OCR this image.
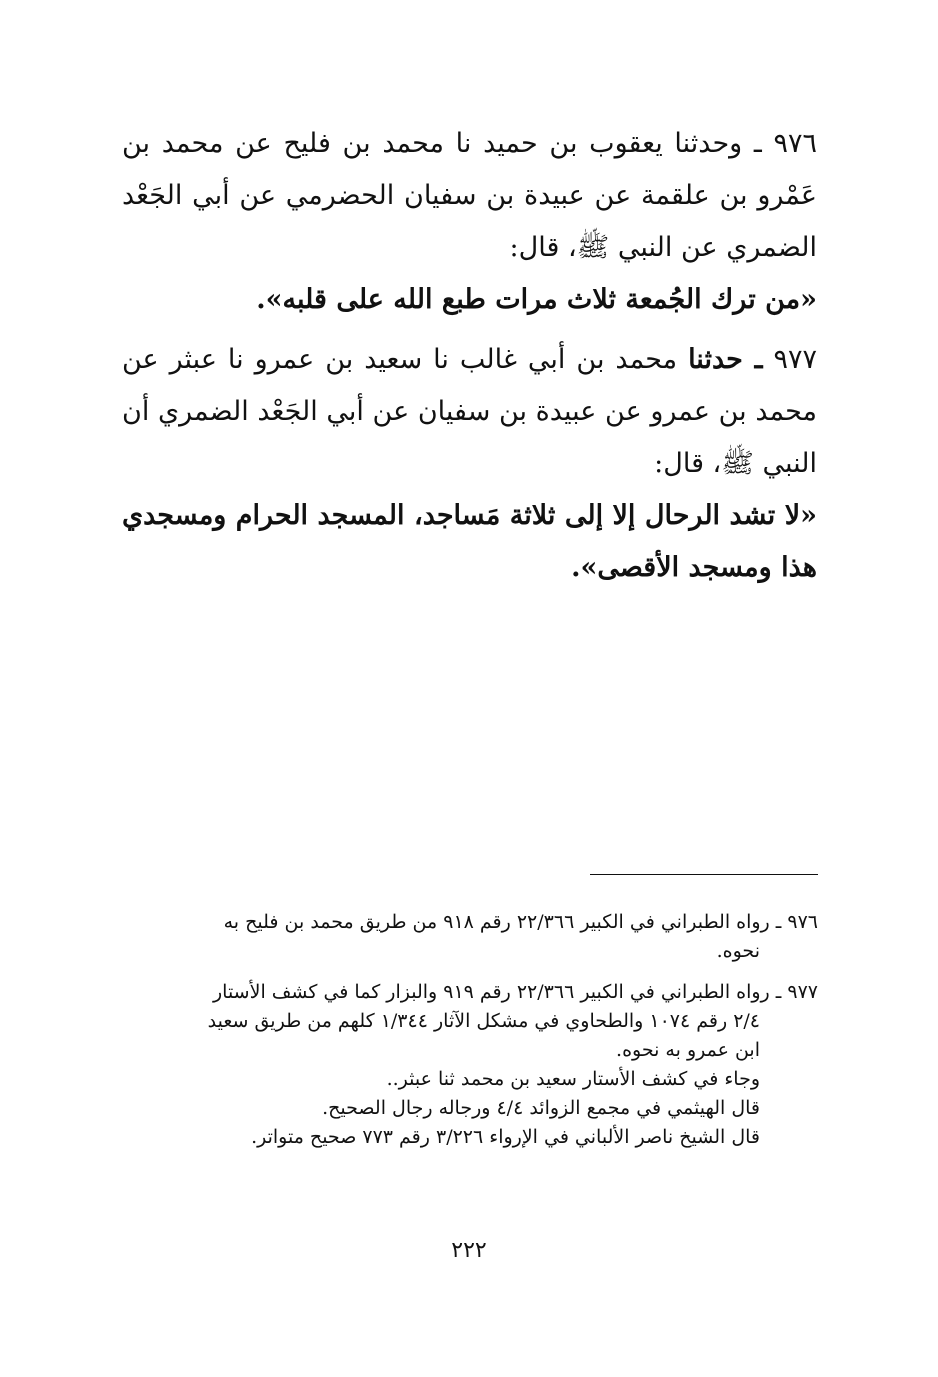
٩٧٦ ـ وحدثنا يعقوب بن حميد نا محمد بن فليح عن محمد بن عَمْرو بن علقمة عن عبيدة بن سفيان الحضرمي عن أبي الجَعْد الضمري عن النبي ﷺ، قال:

«من ترك الجُمعة ثلاث مرات طبع الله على قلبه».

٩٧٧ ـ حدثنا محمد بن أبي غالب نا سعيد بن عمرو نا عبثر عن محمد بن عمرو عن عبيدة بن سفيان عن أبي الجَعْد الضمري أن النبي ﷺ، قال:

«لا تشد الرحال إلا إلى ثلاثة مَساجد، المسجد الحرام ومسجدي هذا ومسجد الأقصى».

٩٧٦ ـ رواه الطبراني في الكبير ٢٢/٣٦٦ رقم ٩١٨ من طريق محمد بن فليح به

نحوه.

٩٧٧ ـ رواه الطبراني في الكبير ٢٢/٣٦٦ رقم ٩١٩ والبزار كما في كشف الأستار

٢/٤ رقم ١٠٧٤ والطحاوي في مشكل الآثار ١/٣٤٤ كلهم من طريق سعيد

ابن عمرو به نحوه.

وجاء في كشف الأستار سعيد بن محمد ثنا عبثر..

قال الهيثمي في مجمع الزوائد ٤/٤ ورجاله رجال الصحيح.

قال الشيخ ناصر الألباني في الإرواء ٣/٢٢٦ رقم ٧٧٣ صحيح متواتر.

٢٢٢
